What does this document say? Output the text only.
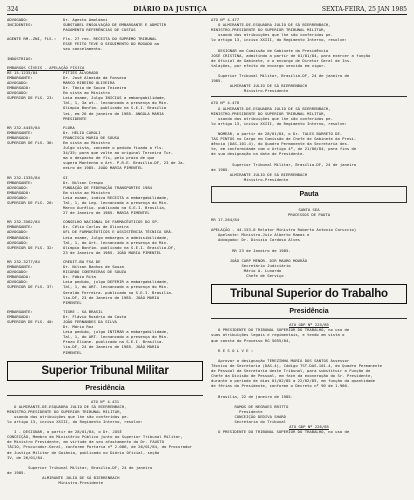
324	DIÁRIO DA JUSTIÇA	SEXTA-FEIRA, 25 JAN 1985
ADVOGADO:
INCIDENTES:
Dr. Agesto Amoldani
SUBSTABEL ENSOLVAÇÃO DE EMBARGANTE E ADMITIR
PAGAMENTO REFERÊNCIAS DE CUSTAS
AGENTE RM.-ZNI, FLS.: Fls. 27 rec. RECEITA DO SUPREMO TRIBUNAL
ESSE FEITO TEVE O SEGUIMENTO DO ROGADO ao
seu cancelamento.
INDÚSTRIAS:
EMBARGOS CÍVEIS - APELAÇÃO FÍSICA
RE 15.1235/84
EMBARGANTE:
ADVOGADO:
EMBARGADO:
ADVOGADO:
SUPERIOR DE FLS. 23:
PITIÉS ALVORADO
Dr. José Almeida da Fonseca
MARCO RIBEIRO OLIVEIRA
Dr. Tânia de Souza Teixeira
Em vista ao Ministro
Leia exame, Julgo INICIAS a embargabilidade,
Tal, 1, 3a at.. lecnancado a presença do Min.
Olímpio Bonfim. publicado na S.E.I. Brasília
lei, em 26 de janeiro de 1985. ANGOLA MARIA
PRESIDENTE
RR 232-4445/84
EMBARGANTE:
EMBARGADO:
SUPERIOR DE FLS. 36:
FLORA
Dr. HÉLIO CAROLI
FRANCISCA MARIA DE SOUSA
Em vista ao Ministro
Julgo vista, concede o pedido fixado a fls.
34/35; para que volte ao original Terceira Tur-
ma o despacho de fls, pelo prazo de que
supera Mantenha o Art. P.R.E. Brasília-DF, 23 de Ja-
neiro de 1985. JOÃO MARIA PIMENTEL
RR 232-1335/84
EMBARGANTE:
ADVOGADO:
EMBARGADO:
ADVOGADO:
SUPERIOR DE FLS. 26:
SI
Dr. Nilson Crespo
FUNDAÇÃO DE FEDERAÇÃO TRANSPORTES 1984
Em vista ao Ministro
Leia exame, indica RECEITA a embargabilidade,
Tal, 1, do Leg. lecnancado a presença do Min.
Marco Aurélio. publicado na S.E.I. Brasília,
27 de Janeiro de 1985. MARIA PIMENTEL
RR 232-3562/84
EMBARGANTE:
ADVOGADO:
EMBARGADO:
ADVOGADO:
SUPERIOR DE FLS. 32:
CONSELHO NACIONAL DE FARMACÊUTICOS DO SP.
Dr. Célio Carlos de Oliveira
UFL DE FARMACÊUTICOS E ASSISTÊNCIA TÉCNICA GRÁ.
Leia exame, Julgo embargos a admissibilidade,
Tal, 1, do Art. lecnancado a presença do Min.
Olímpio Bonfim. publicado na S.E.I. Brasília-DF,
23 de Janeiro de 1985. JOÃO MARIA PIMENTEL
RR 232-3277/84
EMBARGANTE:
ADVOGADO:
EMBARGADO:
ADVOGADO:
SUPERIOR DE FLS. 37:
CREDIT-BA FSA DE
Dr. Nilson Banhos de Souza
RICARDO CONTREIRAS DE SOUZA
Dr. Fábio Rita
Leia pedido, julgo DEFERIR a embargabilidade,
Tal, 1, do ART. lecnancado a presença do Min.
Geraldo Ferreira. publicado na S.E.I. Brasília-
lia-DF, 23 de Janeiro de 1985. JOÃO MARIA
PIMENTEL
EMBARGANTE:
EMBARGADO:
SUPERIOR DE FLS. 40:
TIGRE - SA BRASIL
Dr. Flávio Rosário da Costa
JOÃO FERNANDES DA SILVA
Dr. Mário Roz
Leia pedido, julgo INTIMAR a embargabilidade,
Tal, 1, do ART. lecnancado a presença do Min.
Prazo Eliane. publicado na S.E.I. Brasília-
lia-DF, 24 de Janeiro de 1985. JOÃO MARIA
PIMENTEL
Superior Tribunal Militar
Presidência
ATO Nº 4.431
O ALMIRANTE-DE-ESQUADRA JULIO DE SÁ BIERRENBACH,
MINISTRO-PRESIDENTE DO SUPERIOR TRIBUNAL MILITAR,
usando das atribuições que lhe são conferidas pe-
lo artigo 13, inciso XXIII, do Regimento Interno, resolve:

I - DESIGNAR, a partir de 28/01/84, o Dr. JOSÉ
CONCEIÇÃO, Membro do Ministério Público junto ao Superior Tribunal Militar,
de Ministro Presidente, em virtude de seu afastamento do Dr. FAUSTO
TÁCIO, Procurador-Geral, conforme Portaria nº 2.086, de 26/01/84, do Procurador
de Justiça Militar de Goiânia, publicado no Diário Oficial, seção
IV, de 26/01/84.

Superior Tribunal Militar, Brasília-DF, 24 de janeiro
de 1985.
ALMIRANTE JULIO DE SÁ BIERRENBACH
Ministro-Presidente
ATO Nº 4.477
O ALMIRANTE-DE-ESQUADRA JULIO DE SÁ BIERRENBACH,
MINISTRO-PRESIDENTE DO SUPERIOR TRIBUNAL MILITAR,
usando das atribuições que lhe são conferidas pe-
lo artigo 13, inciso XXIII, do Regimento Interno, resolve:

DESIGNAR em Comissão de Gabinete da Presidência
JOSÉ CRISTINA, admitindo a partir de 01/01/84, para exercer a função
de Oficial de Gabinete, e o encargo de Diretor Geral de Ins-
talações, por efeito do encargo vencido em vigor.

Superior Tribunal Militar, Brasília-DF, 24 de janeiro de
1985.
ALMIRANTE JULIO DE SÁ BIERRENBACH
Ministro-Presidente
ATO Nº 4.478
O ALMIRANTE-DE-ESQUADRA JULIO DE SÁ BIERRENBACH,
MINISTRO-PRESIDENTE DO SUPERIOR TRIBUNAL MILITAR,
usando das atribuições que lhe são conferidas pe-
lo artigo 13, inciso XXIII, do Regimento Interno, resolve:

NOMEAR, a partir de 28/01/84, o Dr. TALES BARRETO DE-
TAS PINTOS no Cargo em Comissão de Chefe de Gabinete da Presi-
dência (DAS-101.4), do Quadro Permanente da Secretaria des-
te, em conformidade com o Artigo 4º, de 21/06/84, para fins de
de sua designação na data de Presidente.

Superior Tribunal Militar, Brasília-DF, 24 de janeiro
de 1985.
ALMIRANTE JULIO DE SÁ BIERRENBACH
Ministro-Presidente
Pauta
SANTA SEA
PROCESSOS DE PAUTA
RR 17.264/84

APELAÇÃO - 44.153-0 Relator Ministro Roberto Antonio Caruccio)
Apelante: Ministro-Juiz Alberto Ramos e
Advogado: Dr. Dinizio Cardoso Alves

RR 23 de Janeiro de 1985.

JOÃO CARP MENOR. DIR MAURO MOURÃO
Secretário Judiciário
Mário A. Lunardo
Chefe de Serviço
Tribunal Superior do Trabalho
Presidência
ATO GDP Nº 225/85
O PRESIDENTE DO TRIBUNAL SUPERIOR DO TRABALHO, no uso de
suas atribuições legais e regimentais, e tendo em vista o
que consta do Processo RG 5055/84,

R E S O L V E :

Aprovar a designação TEREZINHA MARIA DOS SANTOS Assessor
Técnico de Secretaria (DAS-4), Código TST-DAS-101.4, do Quadro Permanente
de Pessoal da Secretaria deste Tribunal, para substituir a Função de
Chefe da Divisão de Pessoal, em face da exoneração do Sr. Presidente,
durante o período de dias 01/02/85 a 22/02/85, em função da quantidade
de férias do Presidente, conforme o Decreto nº 90 de 1.960.

Brasília, 22 de janeiro de 1985.

RAMOS DE NEGRAES BRITTO
Presidente
CONCEIÇÃO DEDIVA SHARD
Secretaria do Tribunal
ATO GDP Nº 226/85
O PRESIDENTE DO TRIBUNAL SUPERIOR DO TRABALHO, no uso de
